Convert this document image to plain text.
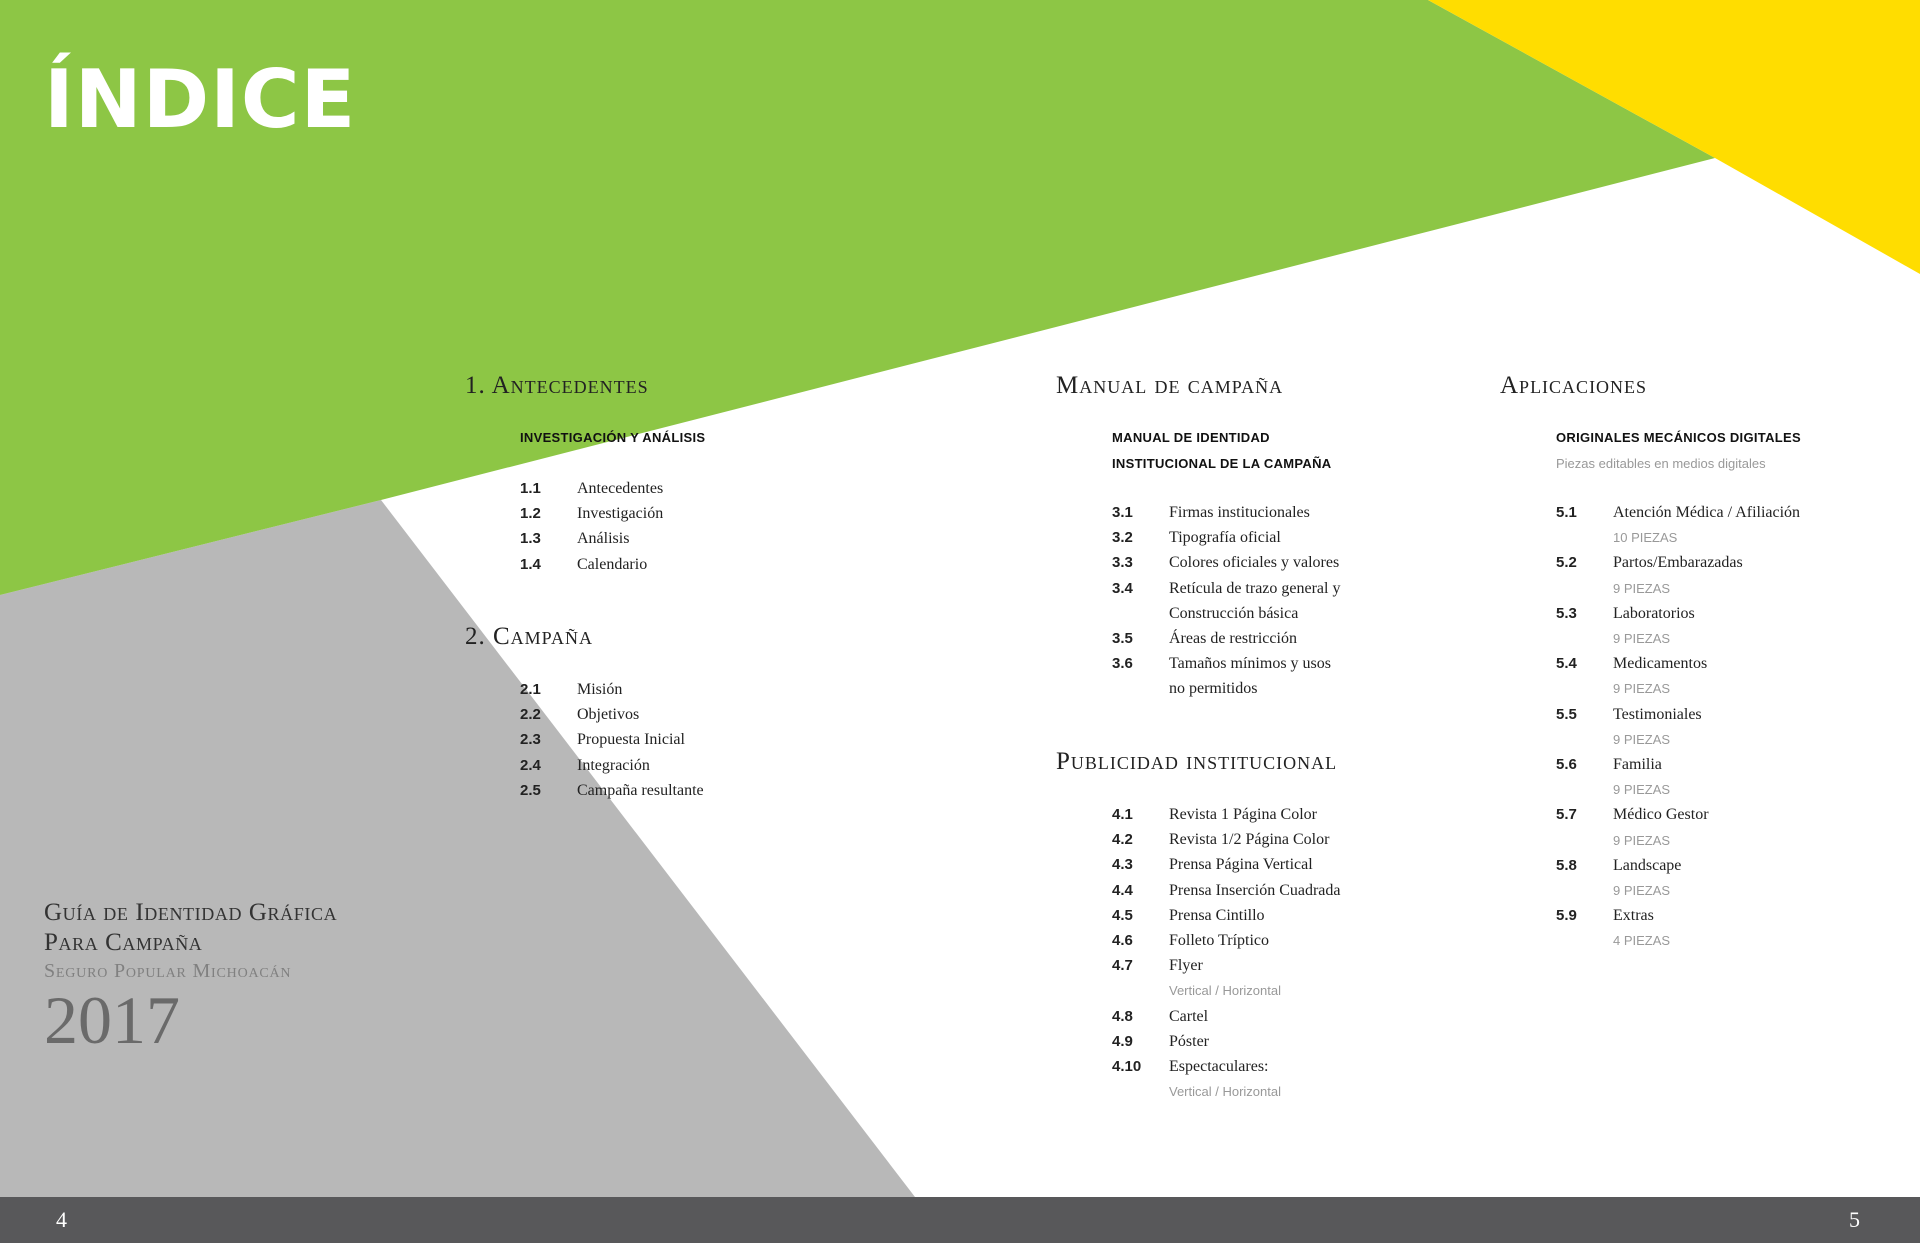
ÍNDICE
1. Antecedentes
INVESTIGACIÓN Y ANÁLISIS
1.1	Antecedentes
1.2	Investigación
1.3	Análisis
1.4	Calendario
2. Campaña
2.1	Misión
2.2	Objetivos
2.3	Propuesta Inicial
2.4	Integración
2.5	Campaña resultante
Manual de campaña
MANUAL DE IDENTIDAD
INSTITUCIONAL DE LA CAMPAÑA
3.1	Firmas institucionales
3.2	Tipografía oficial
3.3	Colores oficiales y valores
3.4	Retícula de trazo general y
Construcción básica
3.5	Áreas de restricción
3.6	Tamaños mínimos y usos
no permitidos
Publicidad institucional
4.1	Revista 1 Página Color
4.2	Revista 1/2 Página Color
4.3	Prensa Página Vertical
4.4	Prensa Inserción Cuadrada
4.5	Prensa Cintillo
4.6	Folleto Tríptico
4.7	Flyer
Vertical / Horizontal
4.8	Cartel
4.9	Póster
4.10	Espectaculares:
Vertical / Horizontal
Aplicaciones
ORIGINALES MECÁNICOS DIGITALES
Piezas editables en medios digitales
5.1	Atención Médica / Afiliación
10 PIEZAS
5.2	Partos/Embarazadas
9 PIEZAS
5.3	Laboratorios
9 PIEZAS
5.4	Medicamentos
9 PIEZAS
5.5	Testimoniales
9 PIEZAS
5.6	Familia
9 PIEZAS
5.7	Médico Gestor
9 PIEZAS
5.8	Landscape
9 PIEZAS
5.9	Extras
4 PIEZAS
Guía de Identidad Gráfica
Para Campaña
Seguro Popular Michoacán
2017
4	5
